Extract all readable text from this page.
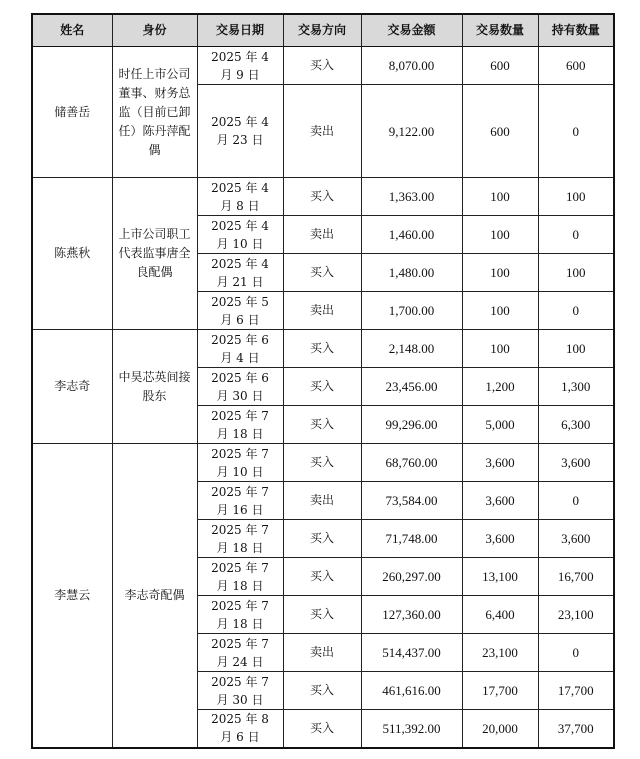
姓名	身份	交易日期	交易方向	交易金额	交易数量	持有数量
储善岳	时任上市公司董事、财务总监（目前已卸任）陈丹萍配偶	2025 年 4
月 9 日	买入	8,070.00	600	600

		2025 年 4
月 23 日	卖出	9,122.00	600	0
陈燕秋	上市公司职工代表监事唐全良配偶	2025 年 4
月 8 日	买入	1,363.00	100	100

		2025 年 4
月 10 日	卖出	1,460.00	100	0

		2025 年 4
月 21 日	买入	1,480.00	100	100

		2025 年 5
月 6 日	卖出	1,700.00	100	0
李志奇	中昊芯英间接股东	2025 年 6
月 4 日	买入	2,148.00	100	100

		2025 年 6
月 30 日	买入	23,456.00	1,200	1,300

		2025 年 7
月 18 日	买入	99,296.00	5,000	6,300
李慧云	李志奇配偶	2025 年 7
月 10 日	买入	68,760.00	3,600	3,600

		2025 年 7
月 16 日	卖出	73,584.00	3,600	0

		2025 年 7
月 18 日	买入	71,748.00	3,600	3,600

		2025 年 7
月 18 日	买入	260,297.00	13,100	16,700

		2025 年 7
月 18 日	买入	127,360.00	6,400	23,100

		2025 年 7
月 24 日	卖出	514,437.00	23,100	0

		2025 年 7
月 30 日	买入	461,616.00	17,700	17,700

		2025 年 8
月 6 日	买入	511,392.00	20,000	37,700
